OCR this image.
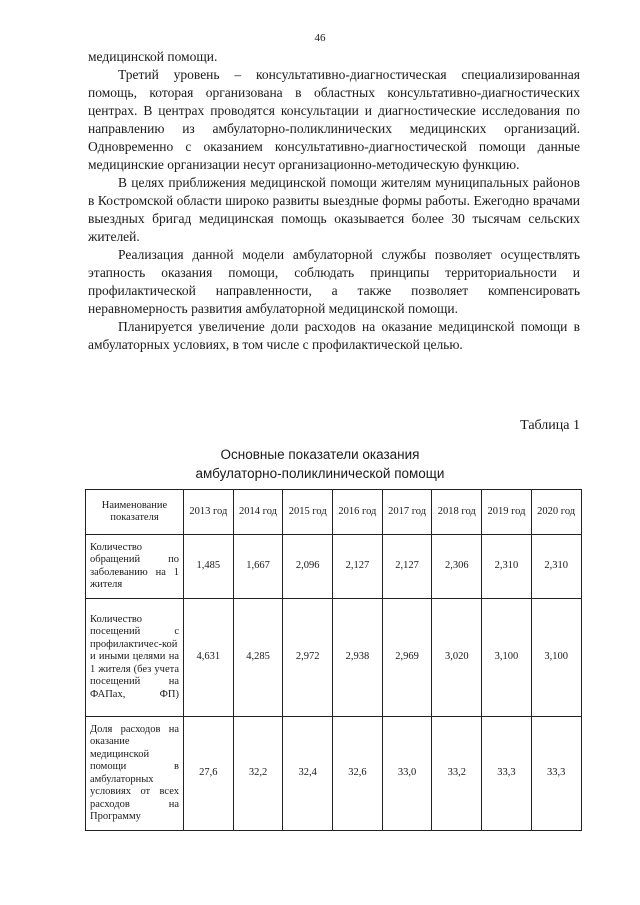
46

медицинской помощи.

Третий уровень – консультативно-диагностическая специализированная помощь, которая организована в областных консультативно-диагностических центрах. В центрах проводятся консультации и диагностические исследования по направлению из амбулаторно-поликлинических медицинских организаций. Одновременно с оказанием консультативно-диагностической помощи данные медицинские организации несут организационно-методическую функцию.

В целях приближения медицинской помощи жителям муниципальных районов в Костромской области широко развиты выездные формы работы. Ежегодно врачами выездных бригад медицинская помощь оказывается более 30 тысячам сельских жителей.

Реализация данной модели амбулаторной службы позволяет осуществлять этапность оказания помощи, соблюдать принципы территориальности и профилактической направленности, а также позволяет компенсировать неравномерность развития амбулаторной медицинской помощи.

Планируется увеличение доли расходов на оказание медицинской помощи в амбулаторных условиях, в том числе с профилактической целью.

Таблица 1
Основные показатели оказания
амбулаторно-поликлинической помощи
Наименование показателя	2013 год	2014 год	2015 год	2016 год	2017 год	2018 год	2019 год	2020 год
Количество обращений по заболеванию на 1 жителя	1,485	1,667	2,096	2,127	2,127	2,306	2,310	2,310
Количество посещений с профилактичес-кой и иными целями на 1 жителя (без учета посещений на ФАПах, ФП)	4,631	4,285	2,972	2,938	2,969	3,020	3,100	3,100
Доля расходов на оказание медицинской помощи в амбулаторных условиях от всех расходов на Программу	27,6	32,2	32,4	32,6	33,0	33,2	33,3	33,3
